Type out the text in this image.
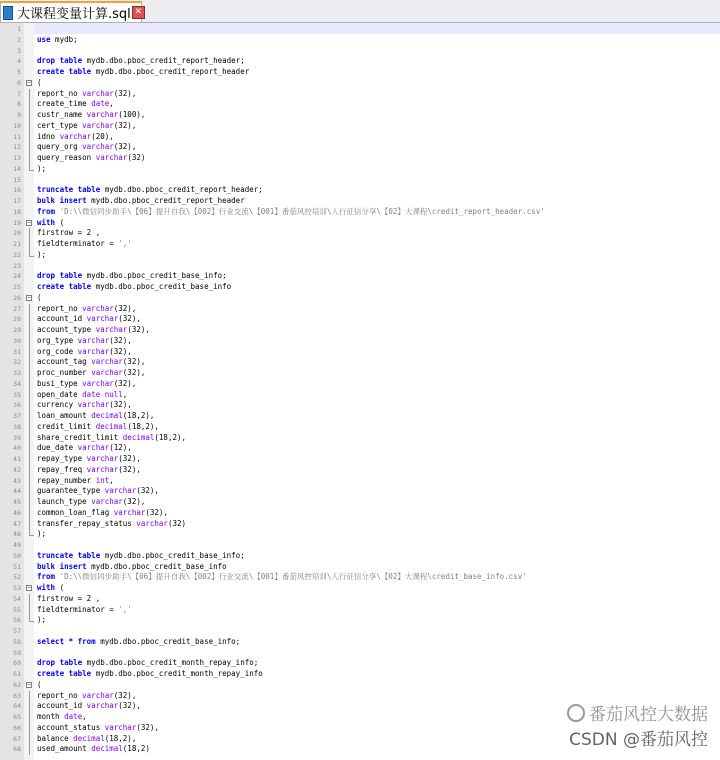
大课程变量计算.sql ✕
1
2 use mydb;
3
4 drop table mydb.dbo.pboc_credit_report_header;
5 create table mydb.dbo.pboc_credit_report_header
6 − (
7 report_no varchar(32),
8 create_time date,
9 custr_name varchar(100),
10 cert_type varchar(32),
11 idno varchar(20),
12 query_org varchar(32),
13 query_reason varchar(32)
14 );
15
16 truncate table mydb.dbo.pboc_credit_report_header;
17 bulk insert mydb.dbo.pboc_credit_report_header
18 from 'D:\\微信同步助手\【06】提升自我\【002】行业交流\【001】番茄风控培训\人行征信分享\【02】大课程\credit_report_header.csv'
19 − with (
20 firstrow = 2 ,
21 fieldterminator = ','
22 );
23
24 drop table mydb.dbo.pboc_credit_base_info;
25 create table mydb.dbo.pboc_credit_base_info
26 − (
27 report_no varchar(32),
28 account_id varchar(32),
29 account_type varchar(32),
30 org_type varchar(32),
31 org_code varchar(32),
32 account_tag varchar(32),
33 proc_number varchar(32),
34 busi_type varchar(32),
35 open_date date null,
36 currency varchar(32),
37 loan_amount decimal(18,2),
38 credit_limit decimal(18,2),
39 share_credit_limit decimal(18,2),
40 due_date varchar(12),
41 repay_type varchar(32),
42 repay_freq varchar(32),
43 repay_number int,
44 guarantee_type varchar(32),
45 launch_type varchar(32),
46 common_loan_flag varchar(32),
47 transfer_repay_status varchar(32)
48 );
49
50 truncate table mydb.dbo.pboc_credit_base_info;
51 bulk insert mydb.dbo.pboc_credit_base_info
52 from 'D:\\微信同步助手\【06】提升自我\【002】行业交流\【001】番茄风控培训\人行征信分享\【02】大课程\credit_base_info.csv'
53 − with (
54 firstrow = 2 ,
55 fieldterminator = ','
56 );
57
58 select * from mydb.dbo.pboc_credit_base_info;
59
60 drop table mydb.dbo.pboc_credit_month_repay_info;
61 create table mydb.dbo.pboc_credit_month_repay_info
62 − (
63 report_no varchar(32),
64 account_id varchar(32),
65 month date,
66 account_status varchar(32),
67 balance decimal(18,2),
68 used_amount decimal(18,2)
番茄风控大数据
CSDN @番茄风控
